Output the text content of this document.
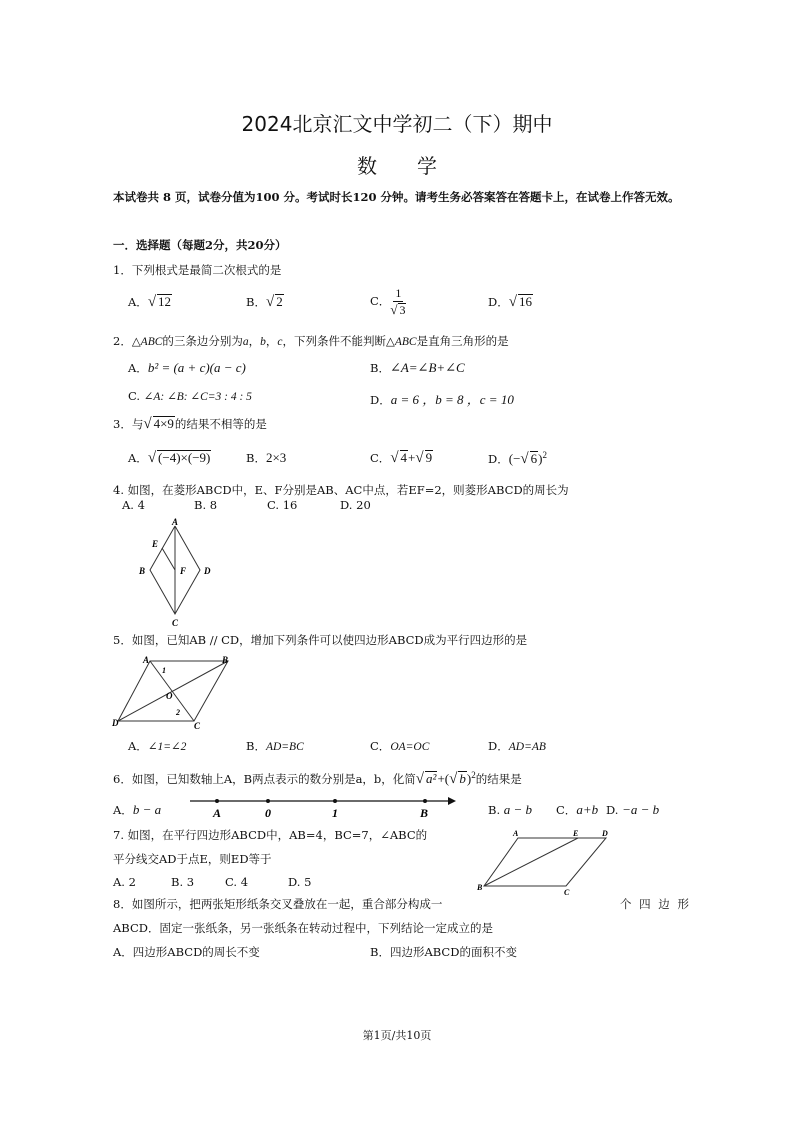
2024北京汇文中学初二（下）期中
数　　学
本试卷共 8 页，试卷分值为100 分。考试时长120 分钟。请考生务必答案答在答题卡上，在试卷上作答无效。
一．选择题（每题2分，共20分）
1．下列根式是最简二次根式的是
A．√ 12	B．√ 2	C． $\frac{1}{√ 3}$	D．√ 16
2．△ABC的三条边分别为a，b，c，下列条件不能判断△ABC是直角三角形的是
A．b² = (a + c)(a − c)	B．∠A=∠B+∠C
C. ∠A: ∠B: ∠C=3 : 4 : 5	D．a = 6 ，b = 8 ，c = 10
3．与√ 4×9的结果不相等的是
A．√ (−4)×(−9)	B．2×3	C．√ 4+√ 9	D．(−√ 6)$^2$
4. 如图，在菱形ABCD中，E、F分别是AB、AC中点，若EF=2，则菱形ABCD的周长为
A. 4	B. 8	C. 16	D. 20
A
B
C
D
E
F
5．如图，已知AB // CD，增加下列条件可以使四边形ABCD成为平行四边形的是
A	B
C
D
O
1
2
A．∠1=∠2	B．AD=BC	C．OA=OC	D．AD=AB
6．如图，已知数轴上A，B两点表示的数分别是a，b，化简√ a²+(√ b)$^2$的结果是
A．b − a	A	0	1	B	B. a − b C．a+b D. −a − b
7. 如图，在平行四边形ABCD中，AB=4，BC=7，∠ABC的
平分线交AD于点E，则ED等于
A. 2	B. 3	C. 4	D. 5
A	E	D
B
C
8．如图所示，把两张矩形纸条交叉叠放在一起，重合部分构成一	个 四 边 形
ABCD．固定一张纸条，另一张纸条在转动过程中，下列结论一定成立的是
A．四边形ABCD的周长不变	B．四边形ABCD的面积不变
第1页/共10页
